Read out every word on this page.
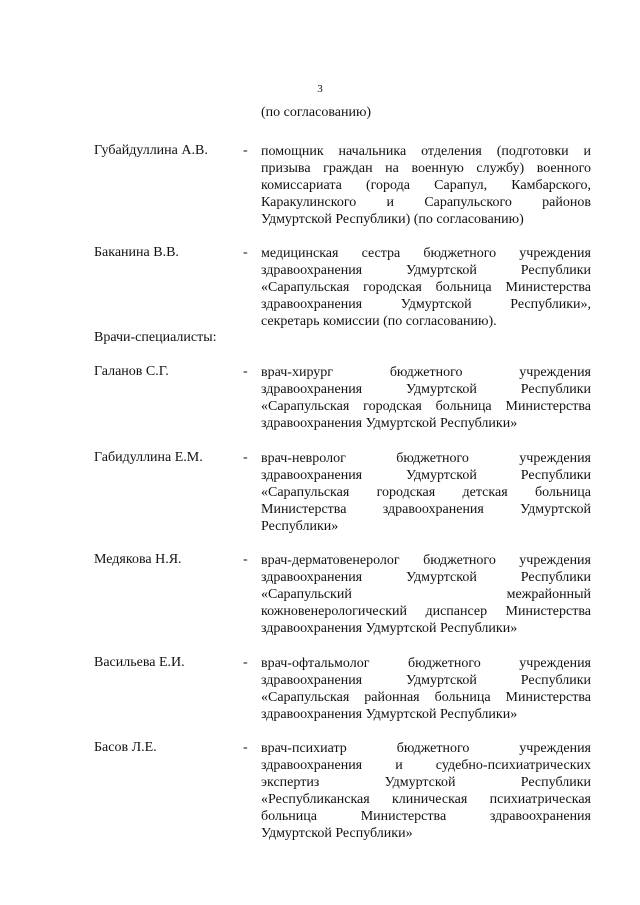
3
(по согласованию)
Губайдуллина А.В.	- помощник начальника отделения (подготовки и
призыва граждан на военную службу) военного
комиссариата (города Сарапул, Камбарского,
Каракулинского и Сарапульского районов
Удмуртской Республики) (по согласованию)
Баканина В.В.	- медицинская сестра бюджетного учреждения
здравоохранения Удмуртской Республики
«Сарапульская городская больница Министерства
здравоохранения Удмуртской Республики»,
секретарь комиссии (по согласованию).
Врачи-специалисты:
Галанов С.Г.	- врач-хирург бюджетного учреждения
здравоохранения Удмуртской Республики
«Сарапульская городская больница Министерства
здравоохранения Удмуртской Республики»
Габидуллина Е.М.	- врач-невролог бюджетного учреждения
здравоохранения Удмуртской Республики
«Сарапульская городская детская больница
Министерства здравоохранения Удмуртской
Республики»
Медякова Н.Я.	- врач-дерматовенеролог бюджетного учреждения
здравоохранения Удмуртской Республики
«Сарапульский межрайонный
кожновенерологический диспансер Министерства
здравоохранения Удмуртской Республики»
Васильева Е.И.	- врач-офтальмолог бюджетного учреждения
здравоохранения Удмуртской Республики
«Сарапульская районная больница Министерства
здравоохранения Удмуртской Республики»
Басов Л.Е.	- врач-психиатр бюджетного учреждения
здравоохранения и судебно-психиатрических
экспертиз Удмуртской Республики
«Республиканская клиническая психиатрическая
больница Министерства здравоохранения
Удмуртской Республики»
